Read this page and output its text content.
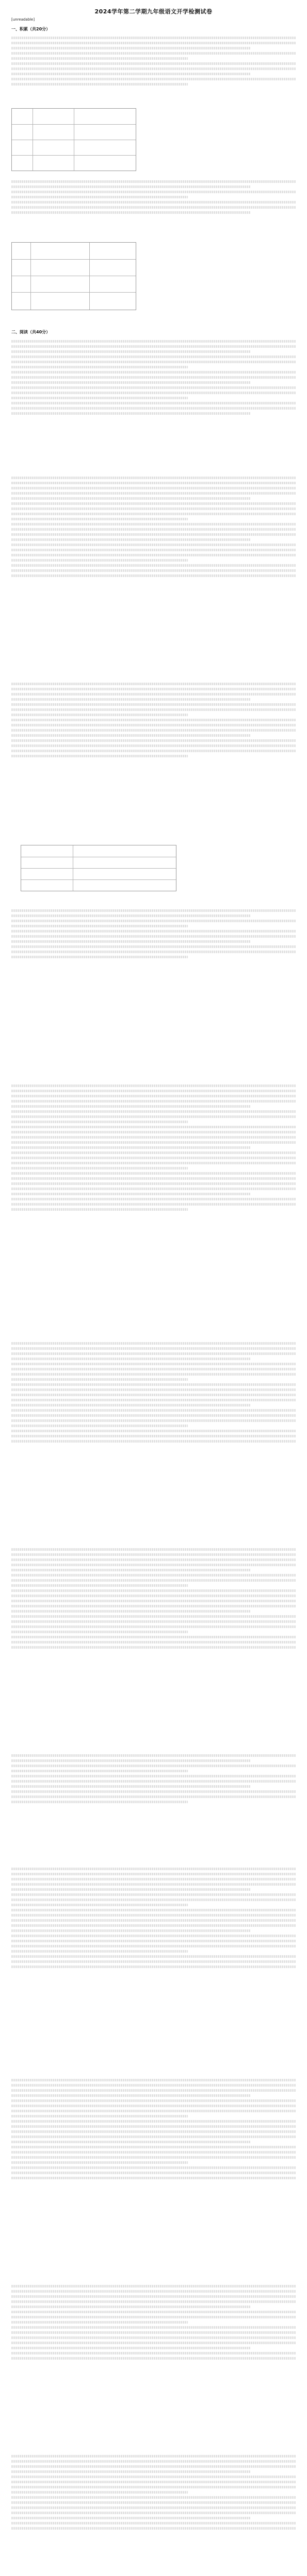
2024学年第二学期九年级语文开学检测试卷
[unreadable]
一、积累（共20分）
二、阅读（共40分）
